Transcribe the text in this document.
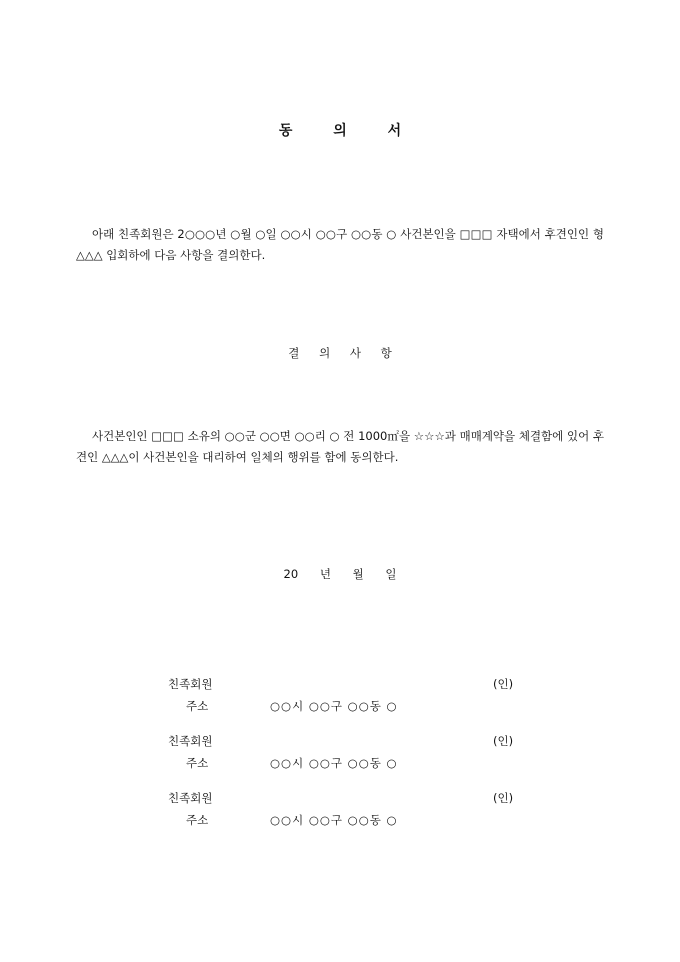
동	의	서
아래 친족회원은 2○○○년 ○월 ○일 ○○시 ○○구 ○○동 ○ 사건본인을 □□□ 자택에서 후견인인 형 △△△ 입회하에 다음 사항을 결의한다.
결 의 사 항
사건본인인 □□□ 소유의 ○○군 ○○면 ○○리 ○ 전 1000㎡을 ☆☆☆과 매매계약을 체결함에 있어 후견인 △△△이 사건본인을 대리하여 일체의 행위를 함에 동의한다.
20 년 월 일
친족회원	(인)
주소	○○시 ○○구 ○○동 ○
친족회원	(인)
주소	○○시 ○○구 ○○동 ○
친족회원	(인)
주소	○○시 ○○구 ○○동 ○
